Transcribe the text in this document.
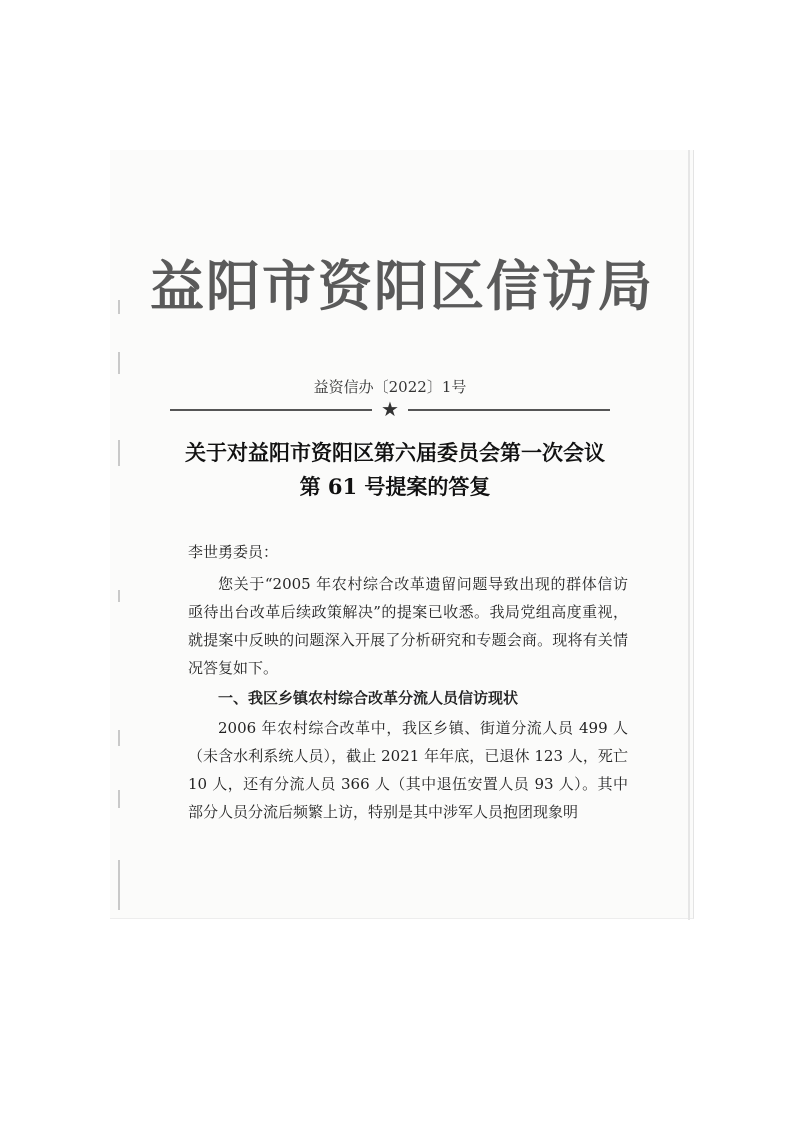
益阳市资阳区信访局
益资信办〔2022〕1号
★
关于对益阳市资阳区第六届委员会第一次会议
第 61 号提案的答复

李世勇委员：

您关于“2005 年农村综合改革遗留问题导致出现的群体信访亟待出台改革后续政策解决”的提案已收悉。我局党组高度重视，就提案中反映的问题深入开展了分析研究和专题会商。现将有关情况答复如下。

一、我区乡镇农村综合改革分流人员信访现状

2006 年农村综合改革中，我区乡镇、街道分流人员 499 人（未含水利系统人员），截止 2021 年年底，已退休 123 人，死亡 10 人，还有分流人员 366 人（其中退伍安置人员 93 人）。其中部分人员分流后频繁上访，特别是其中涉军人员抱团现象明
